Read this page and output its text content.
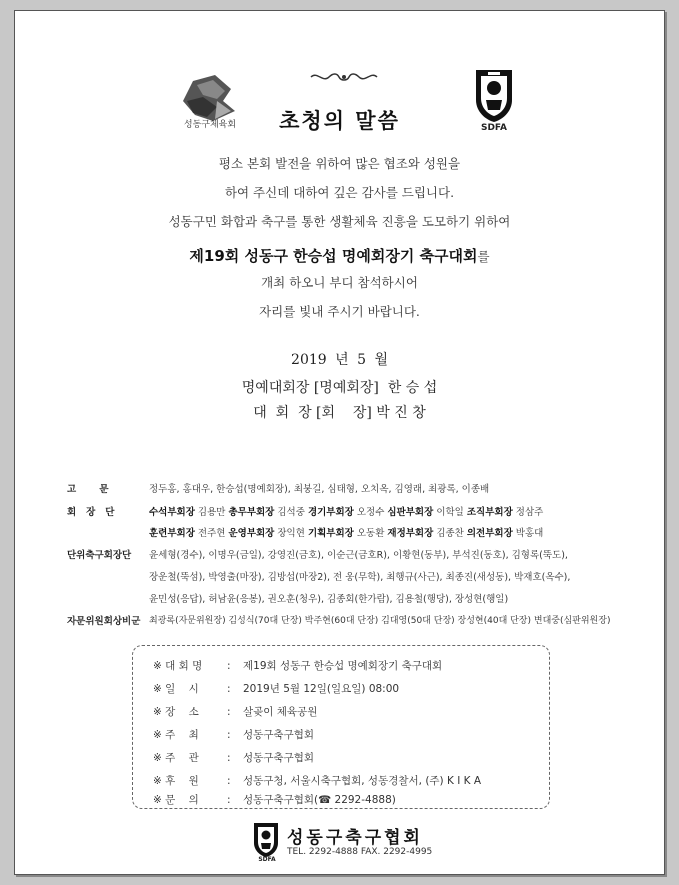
성동구체육회	초청의 말씀	SDFA
평소 본회 발전을 위하여 많은 협조와 성원을
하여 주신데 대하여 깊은 감사를 드립니다.
성동구민 화합과 축구를 통한 생활체육 진흥을 도모하기 위하여
제19회 성동구 한승섭 명예회장기 축구대회를
개최 하오니 부디 참석하시어
자리를 빛내 주시기 바랍니다.
2019 년 5 월
명예대회장 [명예회장]  한 승 섭
대  회  장 [회    장] 박 진 창
고       문	정두홍, 홍대우, 한승섭(명예회장), 최붕길, 심태형, 오치옥, 김영래, 최광록, 이종배
회   장   단	수석부회장 김용만 총무부회장 김석중 경기부회장 오정수 심판부회장 이학일 조직부회장 정삼주
훈련부회장 전주현 운영부회장 장익현 기획부회장 오동환 재정부회장 김종찬 의전부회장 박홍대
단위축구회장단	윤세형(경수), 이명우(금일), 강영진(금호), 이순근(금호R), 이황현(동부), 부석진(동호), 김형록(뚝도),
장운철(뚝섬), 박영출(마장), 김방섭(마장2), 전 웅(무학), 최행규(사근), 최종진(새성동), 박재호(옥수),
윤민성(응답), 허남윤(응봉), 권오훈(청우), 김종회(한가람), 김용철(행당), 장성현(행일)
자문위원회상비군 최광록(자문위원장) 김성식(70대 단장) 박주현(60대 단장) 김대영(50대 단장) 장성현(40대 단장) 변대중(심판위원장)
※ 대 회 명 : 제19회 성동구 한승섭 명예회장기 축구대회
※ 일    시	: 2019년 5월 12일(일요일) 08:00
※ 장    소	: 살곶이 체육공원
※ 주    최	: 성동구축구협회
※ 주    관	: 성동구축구협회
※ 후    원	: 성동구청, 서울시축구협회, 성동경찰서, (주) K I K A
※ 문    의	: 성동구축구협회(☎ 2292-4888)
SDFA
성동구축구협회
TEL. 2292-4888 FAX. 2292-4995
